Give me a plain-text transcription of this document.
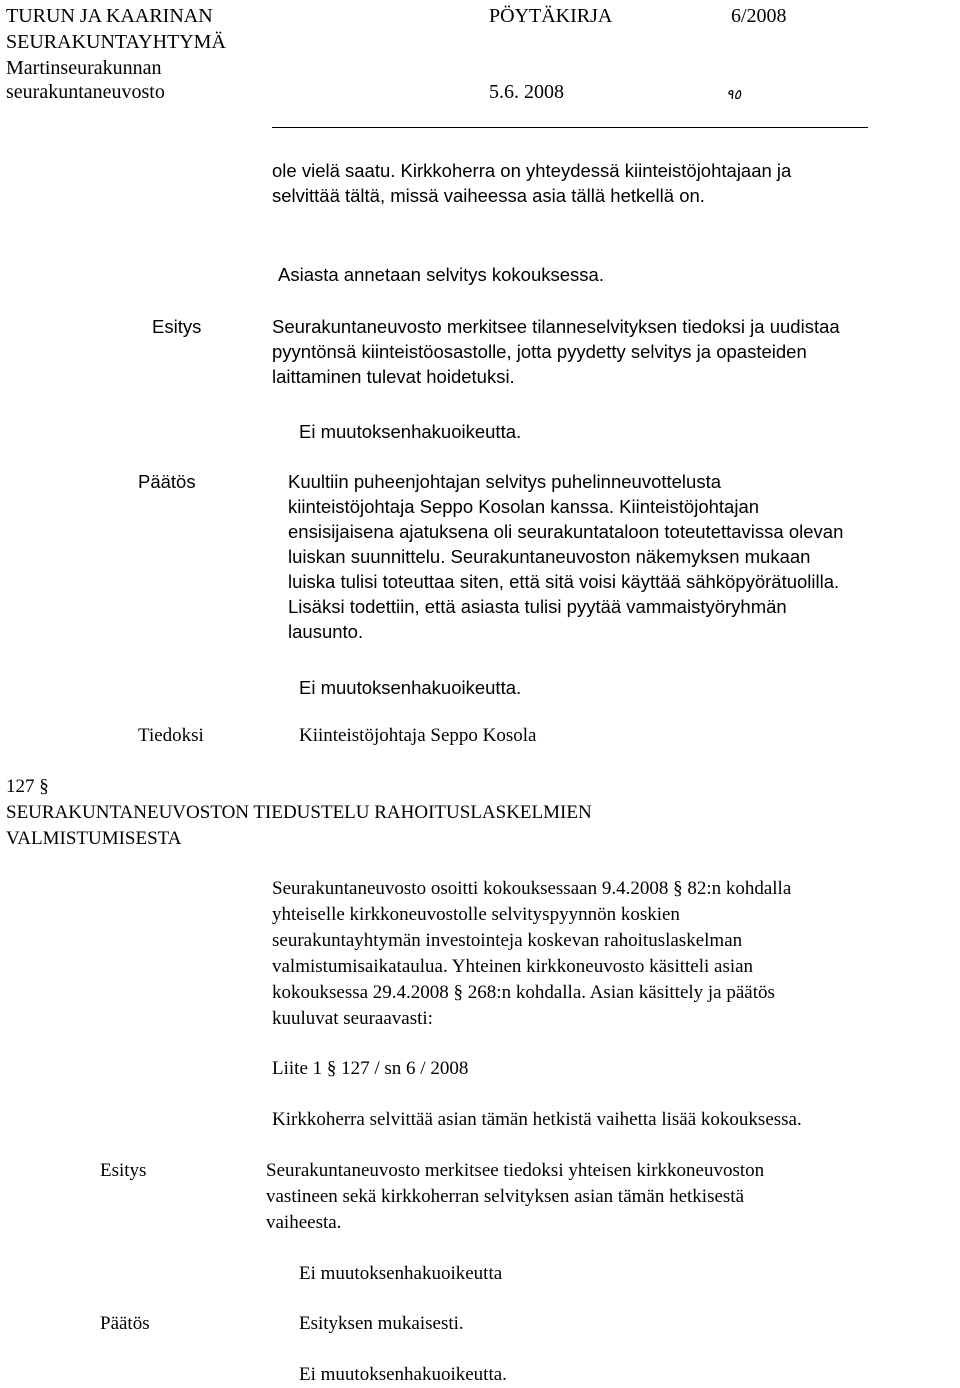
TURUN JA KAARINAN
SEURAKUNTAYHTYMÄ
Martinseurakunnan
seurakuntaneuvosto
PÖYTÄKIRJA	6/2008
5.6. 2008	٩٥
ole vielä saatu. Kirkkoherra on yhteydessä kiinteistöjohtajaan ja
selvittää tältä, missä vaiheessa asia tällä hetkellä on.
Asiasta annetaan selvitys kokouksessa.
Esitys	Seurakuntaneuvosto merkitsee tilanneselvityksen tiedoksi ja uudistaa
pyyntönsä kiinteistöosastolle, jotta pyydetty selvitys ja opasteiden
laittaminen tulevat hoidetuksi.
Ei muutoksenhakuoikeutta.
Päätös	Kuultiin puheenjohtajan selvitys puhelinneuvottelusta
kiinteistöjohtaja Seppo Kosolan kanssa. Kiinteistöjohtajan
ensisijaisena ajatuksena oli seurakuntataloon toteutettavissa olevan
luiskan suunnittelu. Seurakuntaneuvoston näkemyksen mukaan
luiska tulisi toteuttaa siten, että sitä voisi käyttää sähköpyörätuolilla.
Lisäksi todettiin, että asiasta tulisi pyytää vammaistyöryhmän
lausunto.
Ei muutoksenhakuoikeutta.
Tiedoksi	Kiinteistöjohtaja Seppo Kosola
127 §
SEURAKUNTANEUVOSTON TIEDUSTELU RAHOITUSLASKELMIEN
VALMISTUMISESTA
Seurakuntaneuvosto osoitti kokouksessaan 9.4.2008 § 82:n kohdalla
yhteiselle kirkkoneuvostolle selvityspyynnön koskien
seurakuntayhtymän investointeja koskevan rahoituslaskelman
valmistumisaikataulua. Yhteinen kirkkoneuvosto käsitteli asian
kokouksessa 29.4.2008 § 268:n kohdalla. Asian käsittely ja päätös
kuuluvat seuraavasti:
Liite 1 § 127 / sn 6 / 2008
Kirkkoherra selvittää asian tämän hetkistä vaihetta lisää kokouksessa.
Esitys	Seurakuntaneuvosto merkitsee tiedoksi yhteisen kirkkoneuvoston
vastineen sekä kirkkoherran selvityksen asian tämän hetkisestä
vaiheesta.
Ei muutoksenhakuoikeutta
Päätös	Esityksen mukaisesti.
Ei muutoksenhakuoikeutta.
